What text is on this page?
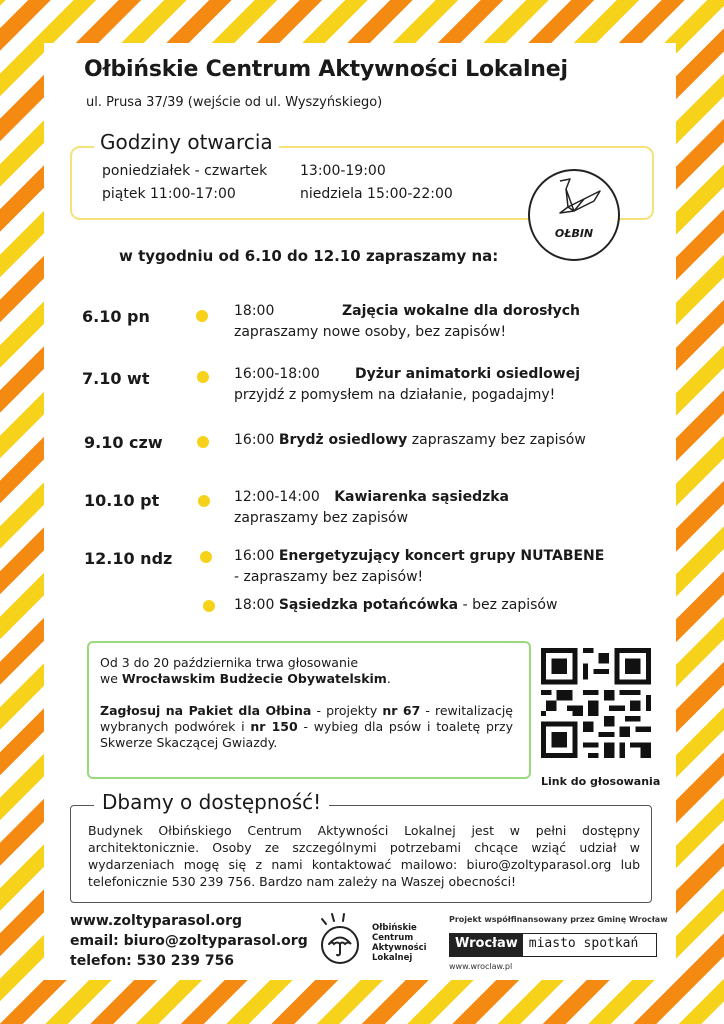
Ołbińskie Centrum Aktywności Lokalnej
ul. Prusa 37/39 (wejście od ul. Wyszyńskiego)
Godziny otwarcia
poniedziałek - czwartek 13:00-19:00
piątek 11:00-17:00	niedziela 15:00-22:00
OŁBIN
w tygodniu od 6.10 do 12.10 zapraszamy na:
6.10 pn	18:00	Zajęcia wokalne dla dorosłych
zapraszamy nowe osoby, bez zapisów!
7.10 wt	16:00-18:00	Dyżur animatorki osiedlowej
przyjdź z pomysłem na działanie, pogadajmy!
9.10 czw	16:00 Brydż osiedlowy zapraszamy bez zapisów
10.10 pt	12:00-14:00 Kawiarenka sąsiedzka
zapraszamy bez zapisów
12.10 ndz	16:00 Energetyzujący koncert grupy NUTABENE
- zapraszamy bez zapisów!
18:00 Sąsiedzka potańcówka - bez zapisów

Od 3 do 20 października trwa głosowanie
we Wrocławskim Budżecie Obywatelskim.

Zagłosuj na Pakiet dla Ołbina - projekty nr 67 - rewitalizację wybranych podwórek i nr 150 - wybieg dla psów i toaletę przy Skwerze Skaczącej Gwiazdy.

Link do głosowania
Dbamy o dostępność!
Budynek Ołbińskiego Centrum Aktywności Lokalnej jest w pełni dostępny architektonicznie. Osoby ze szczególnymi potrzebami chcące wziąć udział w wydarzeniach mogę się z nami kontaktować mailowo: biuro@zoltyparasol.org lub telefonicznie 530 239 756. Bardzo nam zależy na Waszej obecności!
www.zoltyparasol.org
email: biuro@zoltyparasol.org
telefon: 530 239 756
Ołbińskie
Centrum
Aktywności
Lokalnej
Projekt współfinansowany przez Gminę Wrocław
Wrocław miasto spotkań
www.wroclaw.pl
